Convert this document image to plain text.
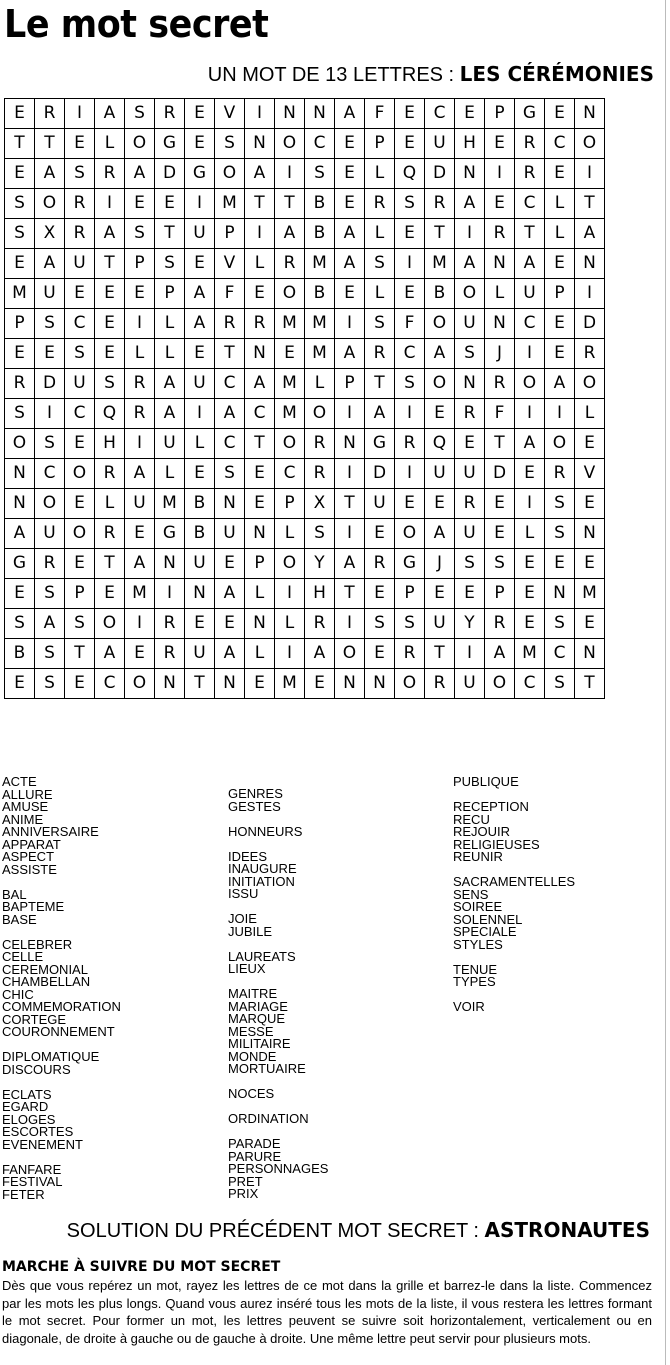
Le mot secret
UN MOT DE 13 LETTRES : LES CÉRÉMONIES
E	R	I	A	S	R	E	V	I	N	N	A	F	E	C	E	P	G	E	N
T	T	E	L	O	G	E	S	N	O	C	E	P	E	U	H	E	R	C	O
E	A	S	R	A	D	G	O	A	I	S	E	L	Q	D	N	I	R	E	I
S	O	R	I	E	E	I	M	T	T	B	E	R	S	R	A	E	C	L	T
S	X	R	A	S	T	U	P	I	A	B	A	L	E	T	I	R	T	L	A
E	A	U	T	P	S	E	V	L	R	M	A	S	I	M	A	N	A	E	N
M	U	E	E	E	P	A	F	E	O	B	E	L	E	B	O	L	U	P	I
P	S	C	E	I	L	A	R	R	M	M	I	S	F	O	U	N	C	E	D
E	E	S	E	L	L	E	T	N	E	M	A	R	C	A	S	J	I	E	R
R	D	U	S	R	A	U	C	A	M	L	P	T	S	O	N	R	O	A	O
S	I	C	Q	R	A	I	A	C	M	O	I	A	I	E	R	F	I	I	L
O	S	E	H	I	U	L	C	T	O	R	N	G	R	Q	E	T	A	O	E
N	C	O	R	A	L	E	S	E	C	R	I	D	I	U	U	D	E	R	V
N	O	E	L	U	M	B	N	E	P	X	T	U	E	E	R	E	I	S	E
A	U	O	R	E	G	B	U	N	L	S	I	E	O	A	U	E	L	S	N
G	R	E	T	A	N	U	E	P	O	Y	A	R	G	J	S	S	E	E	E
E	S	P	E	M	I	N	A	L	I	H	T	E	P	E	E	P	E	N	M
S	A	S	O	I	R	E	E	N	L	R	I	S	S	U	Y	R	E	S	E
B	S	T	A	E	R	U	A	L	I	A	O	E	R	T	I	A	M	C	N
E	S	E	C	O	N	T	N	E	M	E	N	N	O	R	U	O	C	S	T
ACTE
ALLURE
AMUSE
ANIME
ANNIVERSAIRE
APPARAT
ASPECT
ASSISTE
BAL
BAPTEME
BASE
CELEBRER
CELLE
CEREMONIAL
CHAMBELLAN
CHIC
COMMEMORATION
CORTEGE
COURONNEMENT
DIPLOMATIQUE
DISCOURS
ECLATS
EGARD
ELOGES
ESCORTES
EVENEMENT
FANFARE
FESTIVAL
FETER
GENRES
GESTES
HONNEURS
IDEES
INAUGURE
INITIATION
ISSU
JOIE
JUBILE
LAUREATS
LIEUX
MAITRE
MARIAGE
MARQUE
MESSE
MILITAIRE
MONDE
MORTUAIRE
NOCES
ORDINATION
PARADE
PARURE
PERSONNAGES
PRET
PRIX
PUBLIQUE
RECEPTION
RECU
REJOUIR
RELIGIEUSES
REUNIR
SACRAMENTELLES
SENS
SOIREE
SOLENNEL
SPECIALE
STYLES
TENUE
TYPES
VOIR
SOLUTION DU PRÉCÉDENT MOT SECRET : ASTRONAUTES
MARCHE À SUIVRE DU MOT SECRET

Dès que vous repérez un mot, rayez les lettres de ce mot dans la grille et barrez-le dans la liste. Commencez par les mots les plus longs. Quand vous aurez inséré tous les mots de la liste, il vous restera les lettres formant le mot secret. Pour former un mot, les lettres peuvent se suivre soit horizontalement, verticalement ou en diagonale, de droite à gauche ou de gauche à droite. Une même lettre peut servir pour plusieurs mots.
